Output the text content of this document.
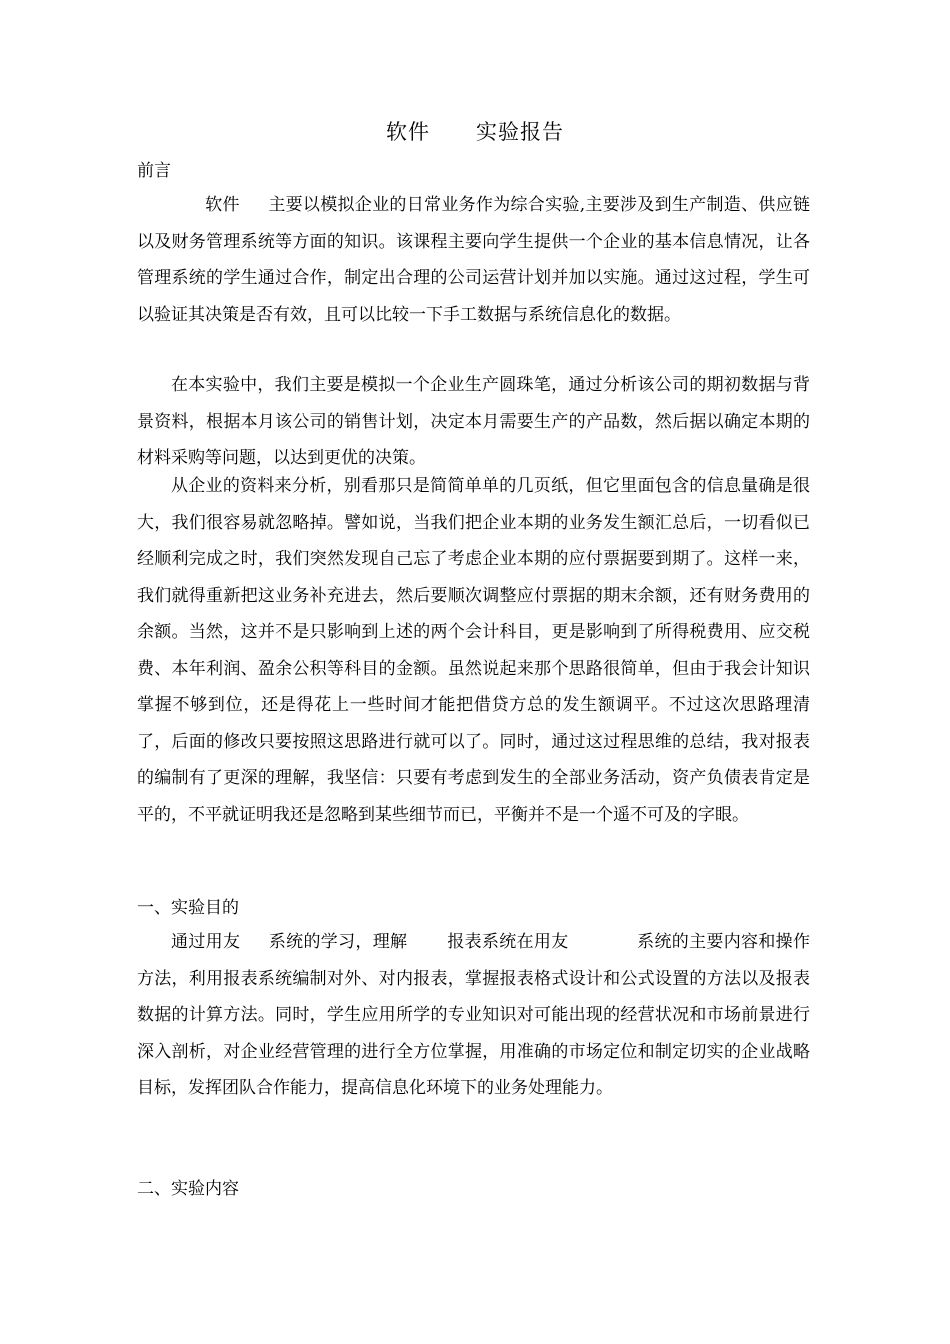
软件      实验报告
前言
软件     主要以模拟企业的日常业务作为综合实验,主要涉及到生产制造、供应链以及财务管理系统等方面的知识。该课程主要向学生提供一个企业的基本信息情况，让各管理系统的学生通过合作，制定出合理的公司运营计划并加以实施。通过这过程，学生可以验证其决策是否有效，且可以比较一下手工数据与系统信息化的数据。
在本实验中，我们主要是模拟一个企业生产圆珠笔，通过分析该公司的期初数据与背景资料，根据本月该公司的销售计划，决定本月需要生产的产品数，然后据以确定本期的材料采购等问题，以达到更优的决策。
从企业的资料来分析，别看那只是简简单单的几页纸，但它里面包含的信息量确是很大，我们很容易就忽略掉。譬如说，当我们把企业本期的业务发生额汇总后，一切看似已经顺利完成之时，我们突然发现自己忘了考虑企业本期的应付票据要到期了。这样一来，我们就得重新把这业务补充进去，然后要顺次调整应付票据的期末余额，还有财务费用的余额。当然，这并不是只影响到上述的两个会计科目，更是影响到了所得税费用、应交税费、本年利润、盈余公积等科目的金额。虽然说起来那个思路很简单，但由于我会计知识掌握不够到位，还是得花上一些时间才能把借贷方总的发生额调平。不过这次思路理清了，后面的修改只要按照这思路进行就可以了。同时，通过这过程思维的总结，我对报表的编制有了更深的理解，我坚信：只要有考虑到发生的全部业务活动，资产负债表肯定是平的，不平就证明我还是忽略到某些细节而已，平衡并不是一个遥不可及的字眼。
一、实验目的
通过用友     系统的学习，理解       报表系统在用友            系统的主要内容和操作方法，利用报表系统编制对外、对内报表，掌握报表格式设计和公式设置的方法以及报表数据的计算方法。同时，学生应用所学的专业知识对可能出现的经营状况和市场前景进行深入剖析，对企业经营管理的进行全方位掌握，用准确的市场定位和制定切实的企业战略目标，发挥团队合作能力，提高信息化环境下的业务处理能力。
二、实验内容
